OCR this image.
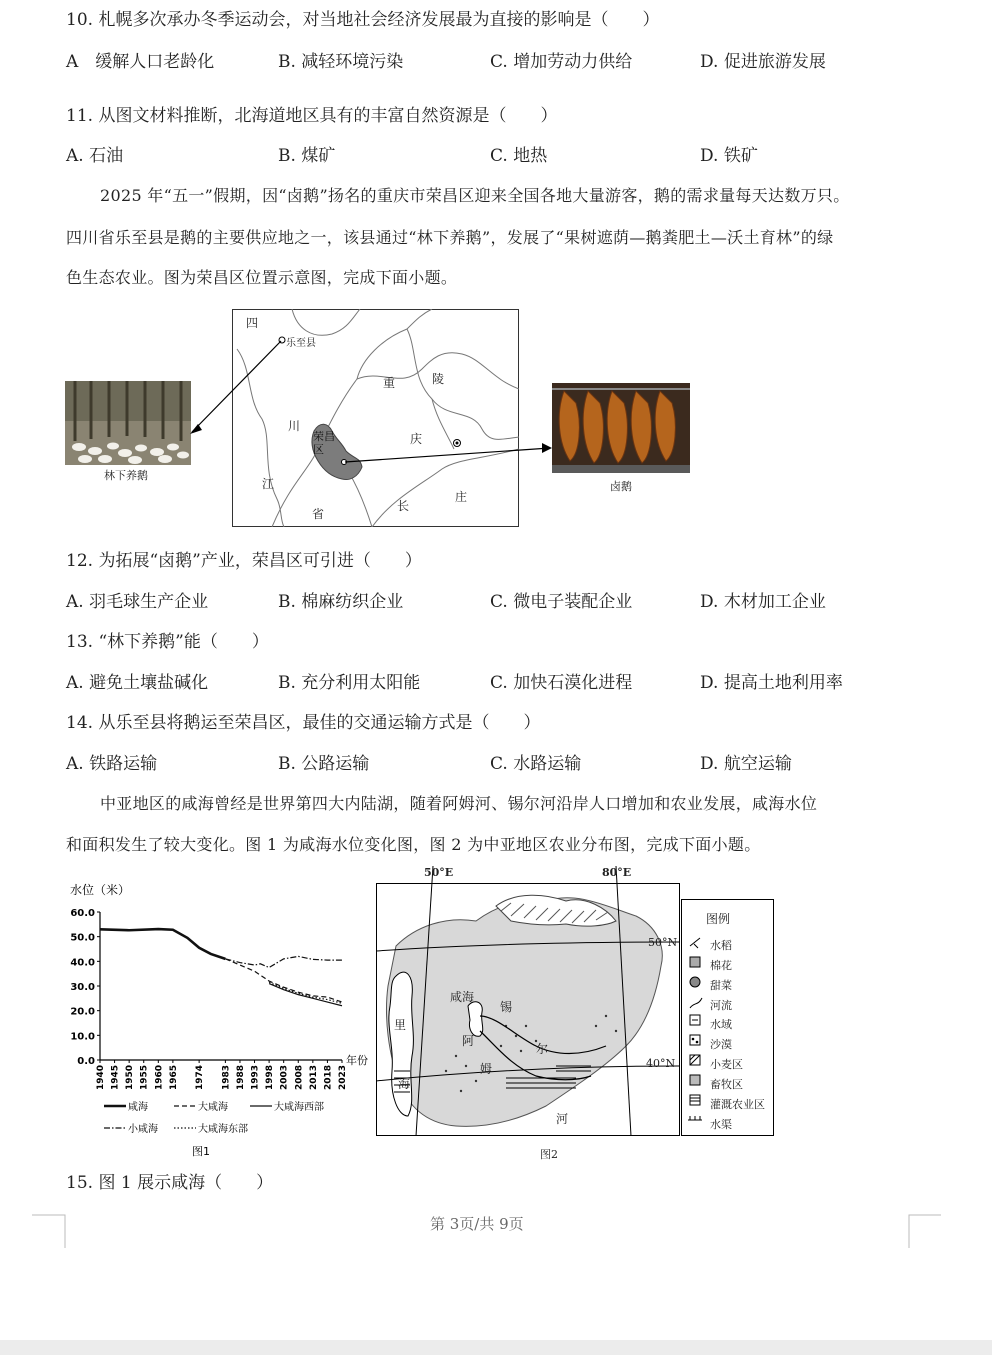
10. 札幌多次承办冬季运动会，对当地社会经济发展最为直接的影响是（　　）
A　缓解人口老龄化	B. 减轻环境污染	C. 增加劳动力供给	D. 促进旅游发展
11. 从图文材料推断，北海道地区具有的丰富自然资源是（　　）
A. 石油	B. 煤矿	C. 地热	D. 铁矿
2025 年“五一”假期，因“卤鹅”扬名的重庆市荣昌区迎来全国各地大量游客，鹅的需求量每天达数万只。
四川省乐至县是鹅的主要供应地之一，该县通过“林下养鹅”，发展了“果树遮荫—鹅粪肥土—沃土育林”的绿
色生态农业。图为荣昌区位置示意图，完成下面小题。
林下养鹅
四
川
江
省
重
庆
陵
长
庄
乐至县
荣昌区
卤鹅
12. 为拓展“卤鹅”产业，荣昌区可引进（　　）
A. 羽毛球生产企业	B. 棉麻纺织企业	C. 微电子装配企业	D. 木材加工企业
13. “林下养鹅”能（　　）
A. 避免土壤盐碱化	B. 充分利用太阳能	C. 加快石漠化进程	D. 提高土地利用率
14. 从乐至县将鹅运至荣昌区，最佳的交通运输方式是（　　）
A. 铁路运输	B. 公路运输	C. 水路运输	D. 航空运输
中亚地区的咸海曾经是世界第四大内陆湖，随着阿姆河、锡尔河沿岸人口增加和农业发展，咸海水位
和面积发生了较大变化。图 1 为咸海水位变化图，图 2 为中亚地区农业分布图，完成下面小题。
水位（米）
年份
0.0
10.0
20.0
30.0
40.0
50.0
60.0
1940 1945 1950 1955 1960 1965 1974 1983 1988 1993 1998 2003 2008 2013 2018 2023
咸海	大咸海	大咸海西部
小咸海	大咸海东部
图1
50°E	80°E
50°N
40°N
咸海
锡
阿
姆
河
里
海
尔
图例
水稻
棉花
甜菜
河流
水域
沙漠
小麦区
畜牧区
灌溉农业区
水渠
图2
15. 图 1 展示咸海（　　）
第 3页/共 9页
